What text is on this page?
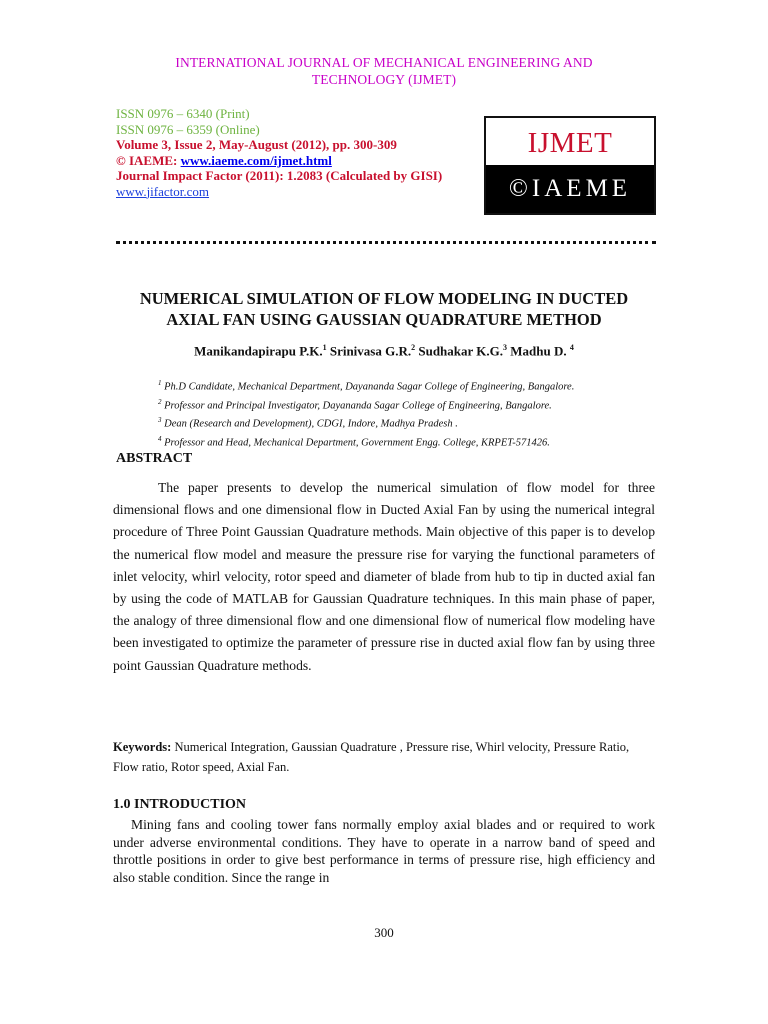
INTERNATIONAL JOURNAL OF MECHANICAL ENGINEERING AND
TECHNOLOGY (IJMET)
ISSN 0976 – 6340 (Print)
ISSN 0976 – 6359 (Online)
Volume 3, Issue 2, May-August (2012), pp. 300-309
© IAEME: www.iaeme.com/ijmet.html
Journal Impact Factor (2011): 1.2083 (Calculated by GISI)
www.jifactor.com
IJMET
©IAEME
NUMERICAL SIMULATION OF FLOW MODELING IN DUCTED
AXIAL FAN USING GAUSSIAN QUADRATURE METHOD
Manikandapirapu P.K.$^1$ Srinivasa G.R.$^2$ Sudhakar K.G.$^3$ Madhu D. $^4$
$^1$ Ph.D Candidate, Mechanical Department, Dayananda Sagar College of Engineering, Bangalore.
$^2$ Professor and Principal Investigator, Dayananda Sagar College of Engineering, Bangalore.
$^3$ Dean (Research and Development), CDGI, Indore, Madhya Pradesh .
$^4$ Professor and Head, Mechanical Department, Government Engg. College, KRPET-571426.
ABSTRACT

The paper presents to develop the numerical simulation of flow model for three dimensional flows and one dimensional flow in Ducted Axial Fan by using the numerical integral procedure of Three Point Gaussian Quadrature methods. Main objective of this paper is to develop the numerical flow model and measure the pressure rise for varying the functional parameters of inlet velocity, whirl velocity, rotor speed and diameter of blade from hub to tip in ducted axial fan by using the code of MATLAB for Gaussian Quadrature techniques. In this main phase of paper, the analogy of three dimensional flow and one dimensional flow of numerical flow modeling have been investigated to optimize the parameter of pressure rise in ducted axial flow fan by using three point Gaussian Quadrature methods.

Keywords: Numerical Integration, Gaussian Quadrature , Pressure rise, Whirl velocity, Pressure Ratio, Flow ratio, Rotor speed, Axial Fan.
1.0 INTRODUCTION

Mining fans and cooling tower fans normally employ axial blades and or required to work under adverse environmental conditions. They have to operate in a narrow band of speed and throttle positions in order to give best performance in terms of pressure rise, high efficiency and also stable condition. Since the range in

300
